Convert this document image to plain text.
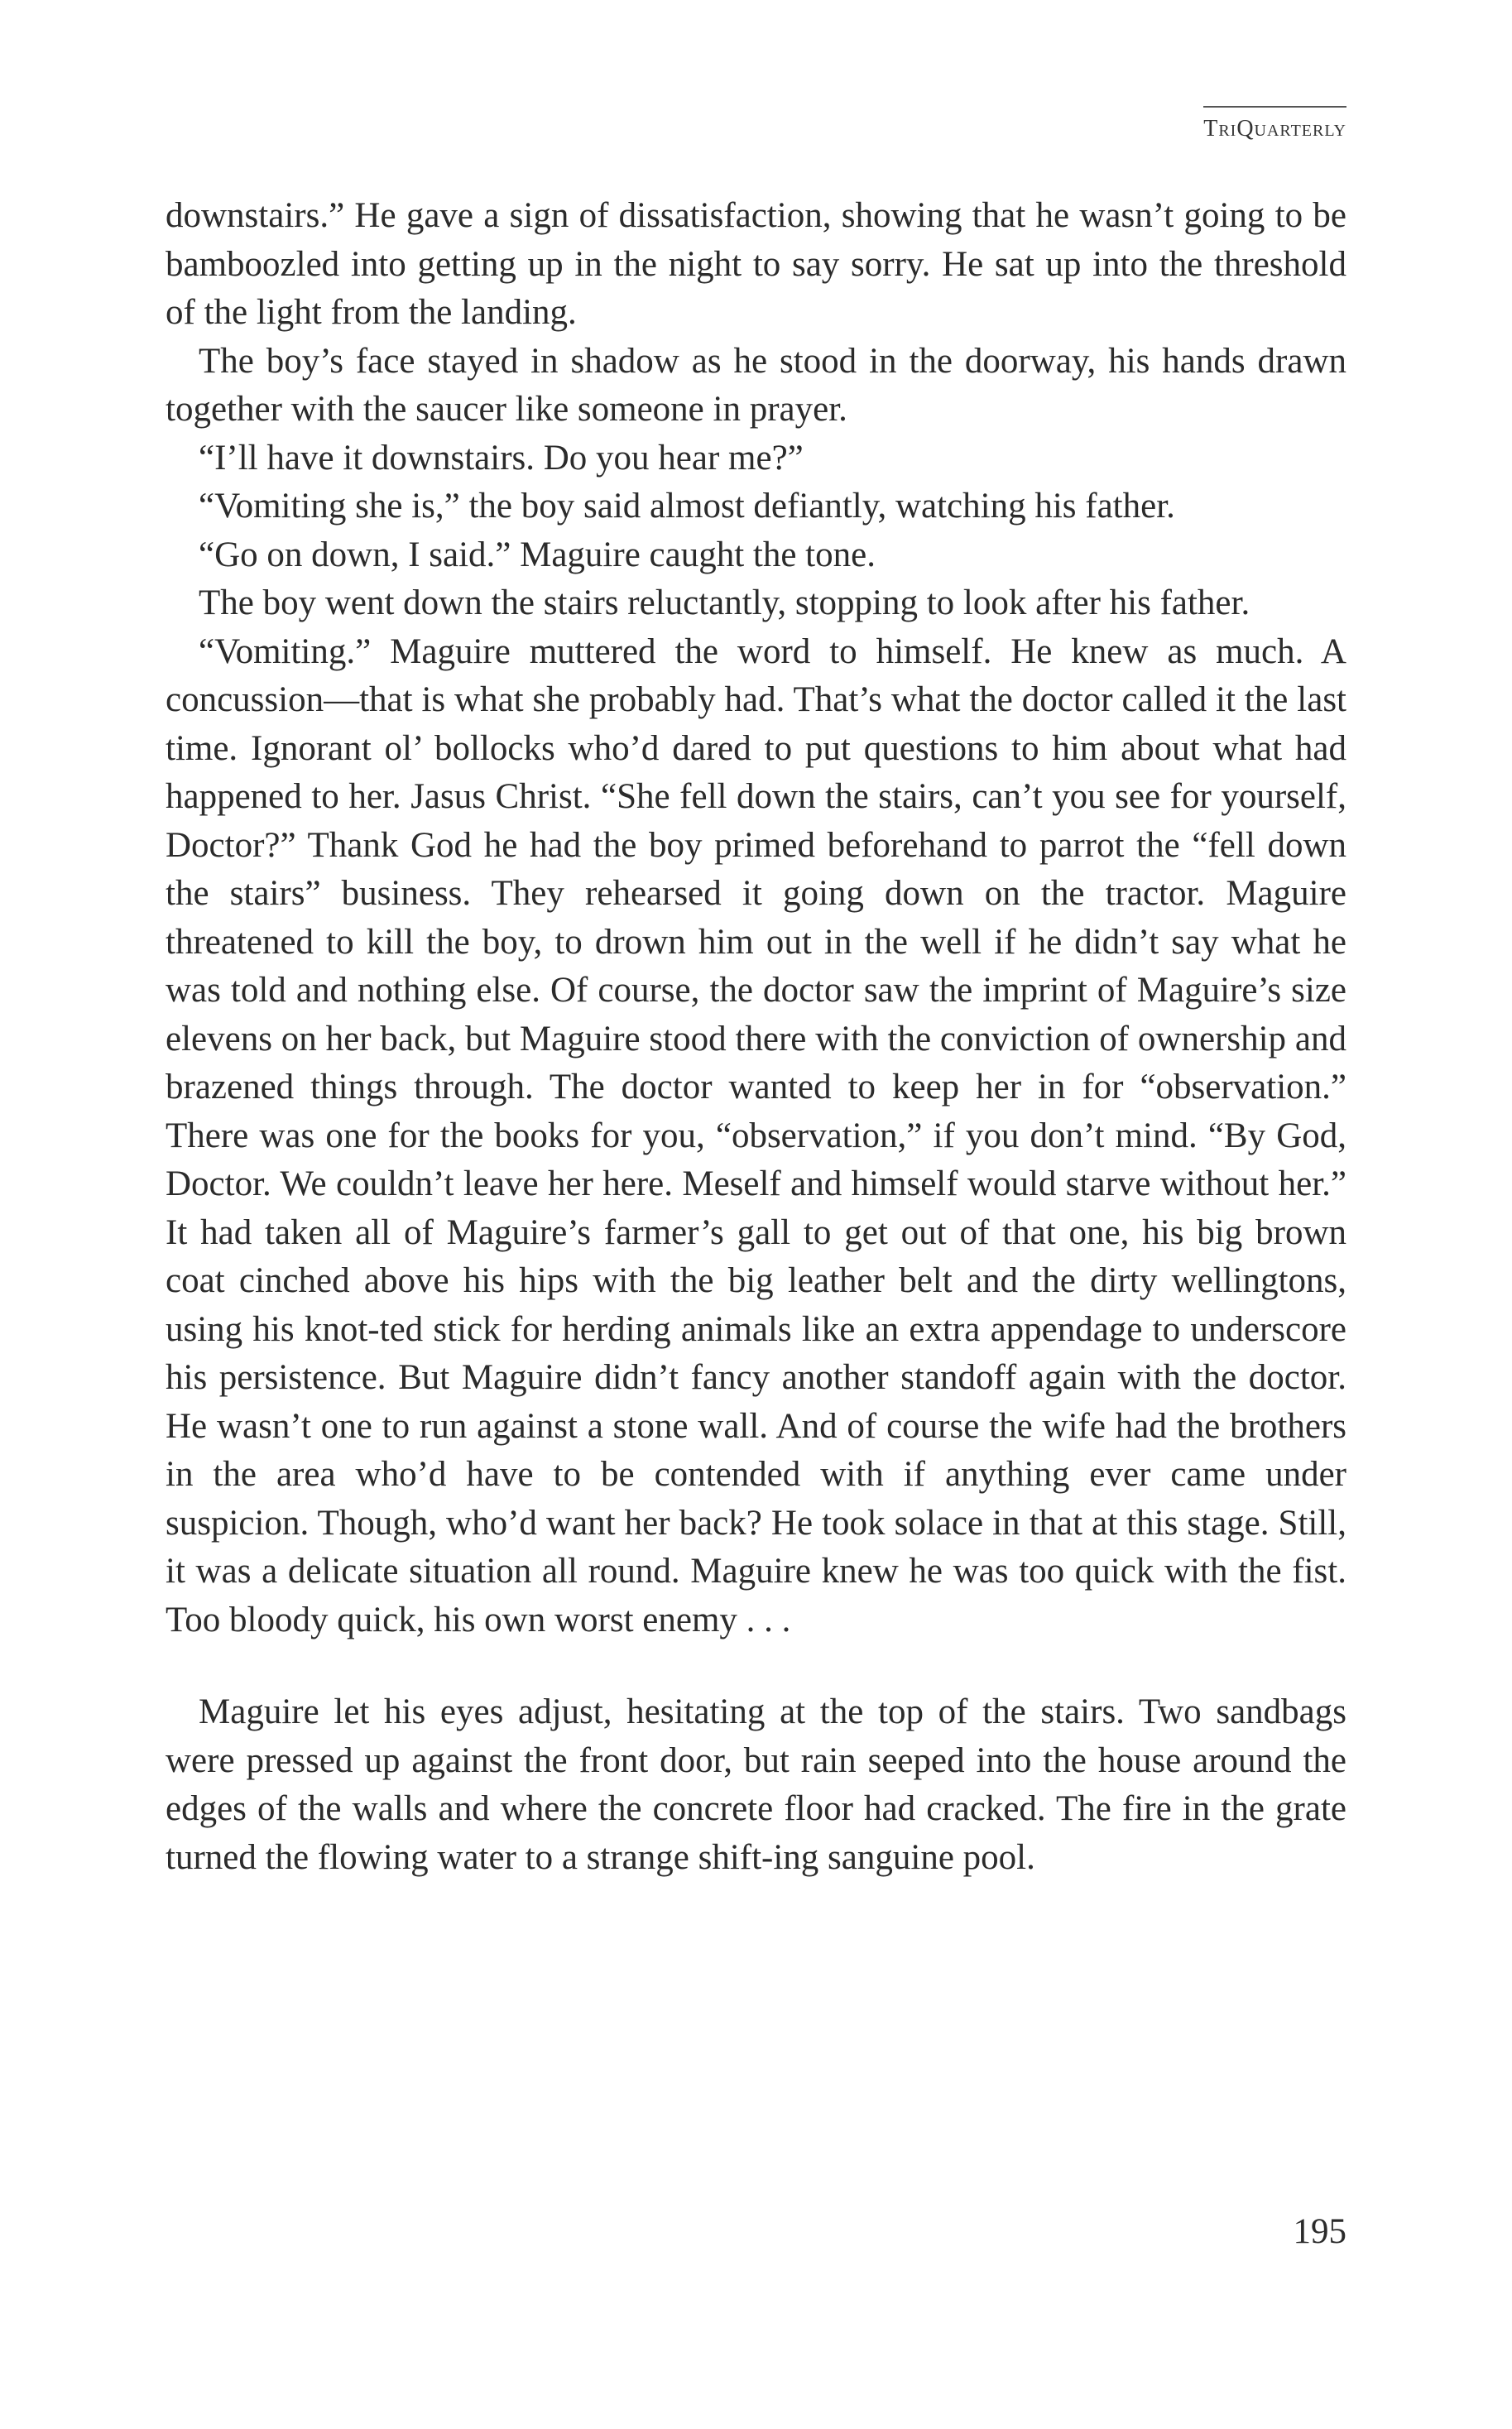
TriQuarterly

downstairs.” He gave a sign of dissatisfaction, showing that he wasn’t going to be bamboozled into getting up in the night to say sorry. He sat up into the threshold of the light from the landing.

The boy’s face stayed in shadow as he stood in the doorway, his hands drawn together with the saucer like someone in prayer.

“I’ll have it downstairs. Do you hear me?”

“Vomiting she is,” the boy said almost defiantly, watching his father.

“Go on down, I said.” Maguire caught the tone.

The boy went down the stairs reluctantly, stopping to look after his father.

“Vomiting.” Maguire muttered the word to himself. He knew as much. A concussion—that is what she probably had. That’s what the doctor called it the last time. Ignorant ol’ bollocks who’d dared to put questions to him about what had happened to her. Jasus Christ. “She fell down the stairs, can’t you see for yourself, Doctor?” Thank God he had the boy primed beforehand to parrot the “fell down the stairs” business. They rehearsed it going down on the tractor. Maguire threatened to kill the boy, to drown him out in the well if he didn’t say what he was told and nothing else. Of course, the doctor saw the imprint of Maguire’s size elevens on her back, but Maguire stood there with the conviction of ownership and brazened things through. The doctor wanted to keep her in for “observation.” There was one for the books for you, “observation,” if you don’t mind. “By God, Doctor. We couldn’t leave her here. Meself and himself would starve without her.” It had taken all of Maguire’s farmer’s gall to get out of that one, his big brown coat cinched above his hips with the big leather belt and the dirty wellingtons, using his knot-ted stick for herding animals like an extra appendage to underscore his persistence. But Maguire didn’t fancy another standoff again with the doctor. He wasn’t one to run against a stone wall. And of course the wife had the brothers in the area who’d have to be contended with if anything ever came under suspicion. Though, who’d want her back? He took solace in that at this stage. Still, it was a delicate situation all round. Maguire knew he was too quick with the fist. Too bloody quick, his own worst enemy . . .

Maguire let his eyes adjust, hesitating at the top of the stairs. Two sandbags were pressed up against the front door, but rain seeped into the house around the edges of the walls and where the concrete floor had cracked. The fire in the grate turned the flowing water to a strange shift-ing sanguine pool.

195
